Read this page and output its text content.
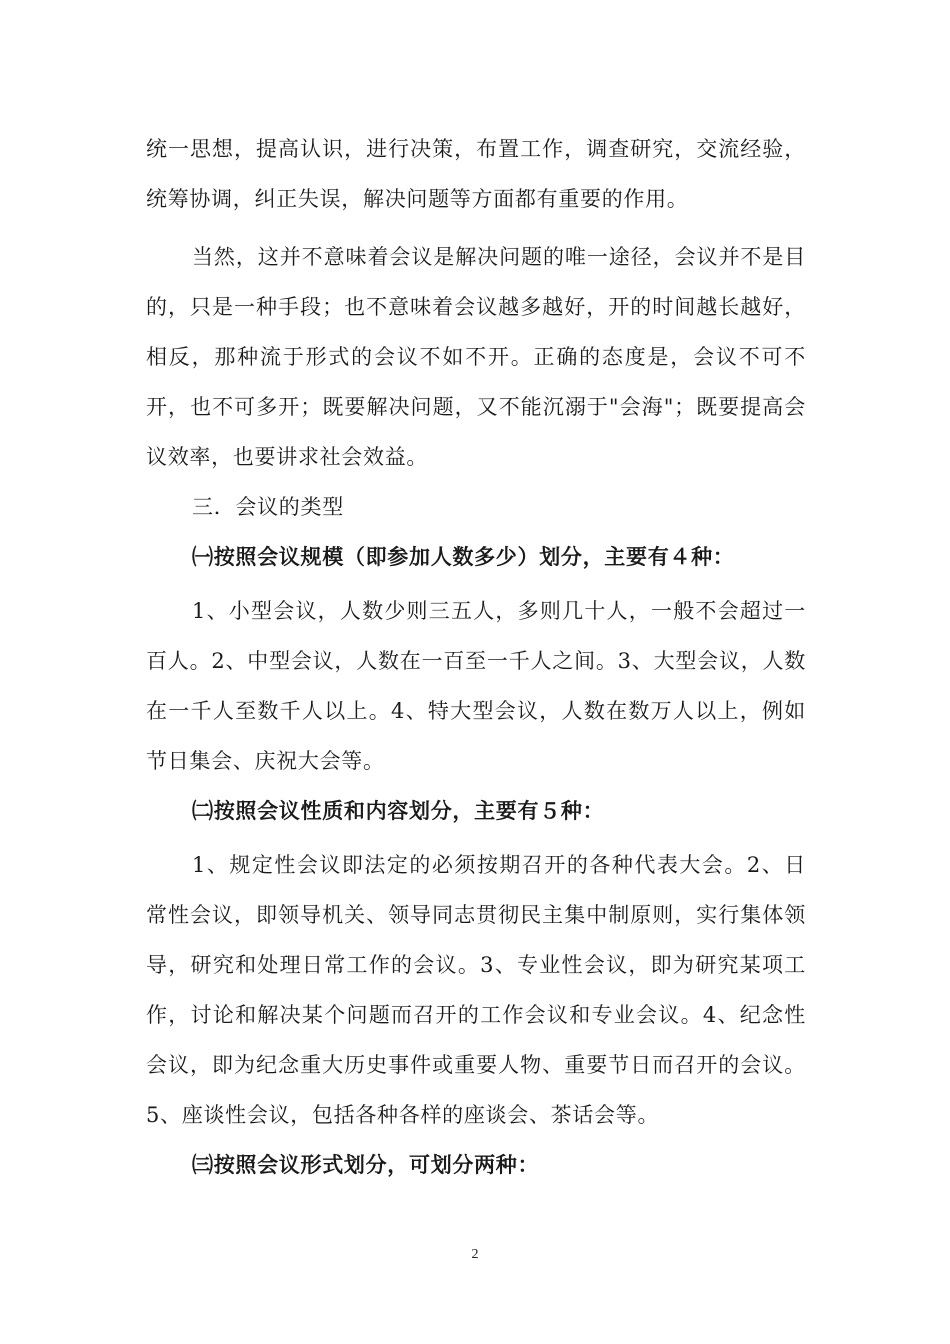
统一思想，提高认识，进行决策，布置工作，调查研究，交流经验，统筹协调，纠正失误，解决问题等方面都有重要的作用。

当然，这并不意味着会议是解决问题的唯一途径，会议并不是目的，只是一种手段；也不意味着会议越多越好，开的时间越长越好，相反，那种流于形式的会议不如不开。正确的态度是，会议不可不开，也不可多开；既要解决问题，又不能沉溺于"会海"；既要提高会议效率，也要讲求社会效益。

三．会议的类型

㈠按照会议规模（即参加人数多少）划分，主要有４种：

1、小型会议，人数少则三五人，多则几十人，一般不会超过一百人。2、中型会议，人数在一百至一千人之间。3、大型会议，人数在一千人至数千人以上。4、特大型会议，人数在数万人以上，例如节日集会、庆祝大会等。

㈡按照会议性质和内容划分，主要有５种：

1、规定性会议即法定的必须按期召开的各种代表大会。2、日常性会议，即领导机关、领导同志贯彻民主集中制原则，实行集体领导，研究和处理日常工作的会议。3、专业性会议，即为研究某项工作，讨论和解决某个问题而召开的工作会议和专业会议。4、纪念性会议，即为纪念重大历史事件或重要人物、重要节日而召开的会议。5、座谈性会议，包括各种各样的座谈会、茶话会等。

㈢按照会议形式划分，可划分两种：

2
